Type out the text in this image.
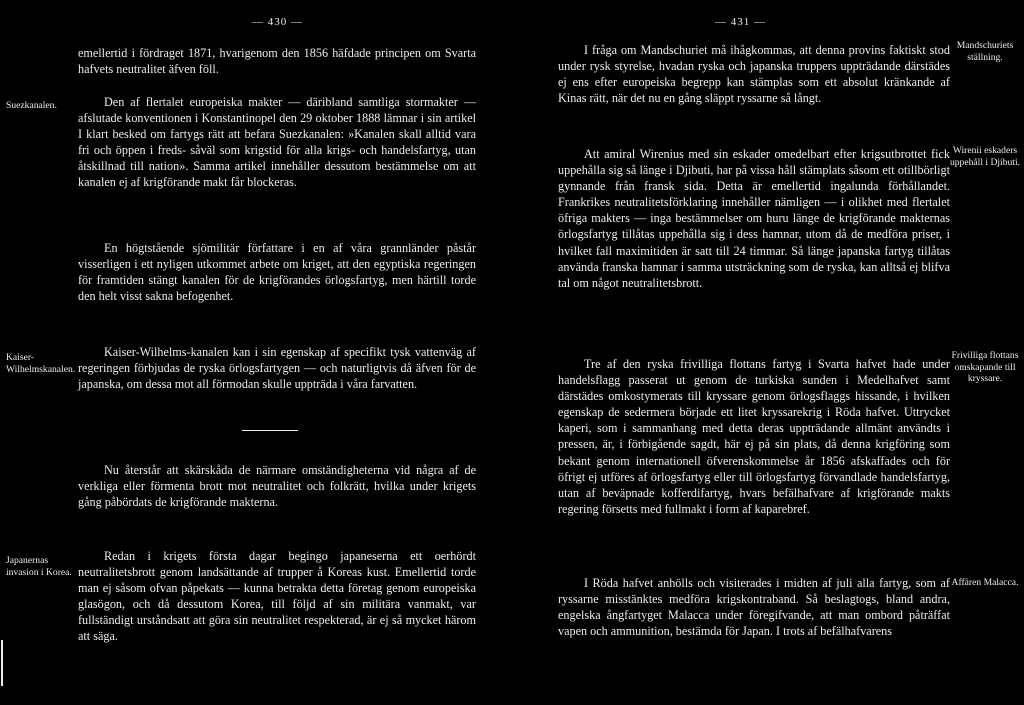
— 430 —

emellertid i fördraget 1871, hvarigenom den 1856 häfdade principen om Svarta hafvets neutralitet äfven föll.

Den af flertalet europeiska makter — däribland samtliga stormakter — afslutade konventionen i Konstantinopel den 29 oktober 1888 lämnar i sin artikel I klart besked om fartygs rätt att befara Suezkanalen: »Kanalen skall alltid vara fri och öppen i freds- såväl som krigstid för alla krigs- och handelsfartyg, utan åtskillnad till nation». Samma artikel innehåller dessutom bestämmelse om att kanalen ej af krigförande makt får blockeras.

En högtstående sjömilitär författare i en af våra grannländer påstår visserligen i ett nyligen utkommet arbete om kriget, att den egyptiska regeringen för framtiden stängt kanalen för de krigförandes örlogsfartyg, men härtill torde den helt visst sakna befogenhet.

Kaiser-Wilhelms-kanalen kan i sin egenskap af specifikt tysk vattenväg af regeringen förbjudas de ryska örlogsfartygen — och naturligtvis då äfven för de japanska, om dessa mot all förmodan skulle uppträda i våra farvatten.

Nu återstår att skärskåda de närmare omständigheterna vid några af de verkliga eller förmenta brott mot neutralitet och folkrätt, hvilka under krigets gång påbördats de krigförande makterna.

Redan i krigets första dagar begingo japaneserna ett oerhördt neutralitetsbrott genom landsättande af trupper å Koreas kust. Emellertid torde man ej såsom ofvan påpekats — kunna betrakta detta företag genom europeiska glasögon, och då dessutom Korea, till följd af sin militära vanmakt, var fullständigt urståndsatt att göra sin neutralitet respekterad, är ej så mycket härom att säga.

Suezkanalen.

Kaiser-Wilhelmskanalen.

Japanernas invasion i Korea.

— 431 —

I fråga om Mandschuriet må ihågkommas, att denna provins faktiskt stod under rysk styrelse, hvadan ryska och japanska truppers uppträdande därstädes ej ens efter europeiska begrepp kan stämplas som ett absolut kränkande af Kinas rätt, när det nu en gång släppt ryssarne så långt.

Att amiral Wirenius med sin eskader omedelbart efter krigsutbrottet fick uppehålla sig så länge i Djibuti, har på vissa håll stämplats såsom ett otillbörligt gynnande från fransk sida. Detta är emellertid ingalunda förhållandet. Frankrikes neutralitetsförklaring innehåller nämligen — i olikhet med flertalet öfriga makters — inga bestämmelser om huru länge de krigförande makternas örlogsfartyg tillåtas uppehålla sig i dess hamnar, utom då de medföra priser, i hvilket fall maximitiden är satt till 24 timmar. Så länge japanska fartyg tillåtas använda franska hamnar i samma utsträckning som de ryska, kan alltså ej blifva tal om något neutralitetsbrott.

Tre af den ryska frivilliga flottans fartyg i Svarta hafvet hade under handelsflagg passerat ut genom de turkiska sunden i Medelhafvet samt därstädes omkostymerats till kryssare genom örlogsflaggs hissande, i hvilken egenskap de sedermera började ett litet kryssarekrig i Röda hafvet. Uttrycket kaperi, som i sammanhang med detta deras uppträdande allmänt användts i pressen, är, i förbigående sagdt, här ej på sin plats, då denna krigföring som bekant genom internationell öfverenskommelse år 1856 afskaffades och för öfrigt ej utföres af örlogsfartyg eller till örlogsfartyg förvandlade handelsfartyg, utan af beväpnade kofferdifartyg, hvars befälhafvare af krigförande makts regering försetts med fullmakt i form af kaparebref.

I Röda hafvet anhölls och visiterades i midten af juli alla fartyg, som af ryssarne misstänktes medföra krigskontraband. Så beslagtogs, bland andra, engelska ångfartyget Malacca under föregifvande, att man ombord påträffat vapen och ammunition, bestämda för Japan. I trots af befälhafvarens

Mandschuriets ställning.

Wirenii eskaders uppehåll i Djibuti.

Frivilliga flottans omskapande till kryssare.

Affären Malacca.
